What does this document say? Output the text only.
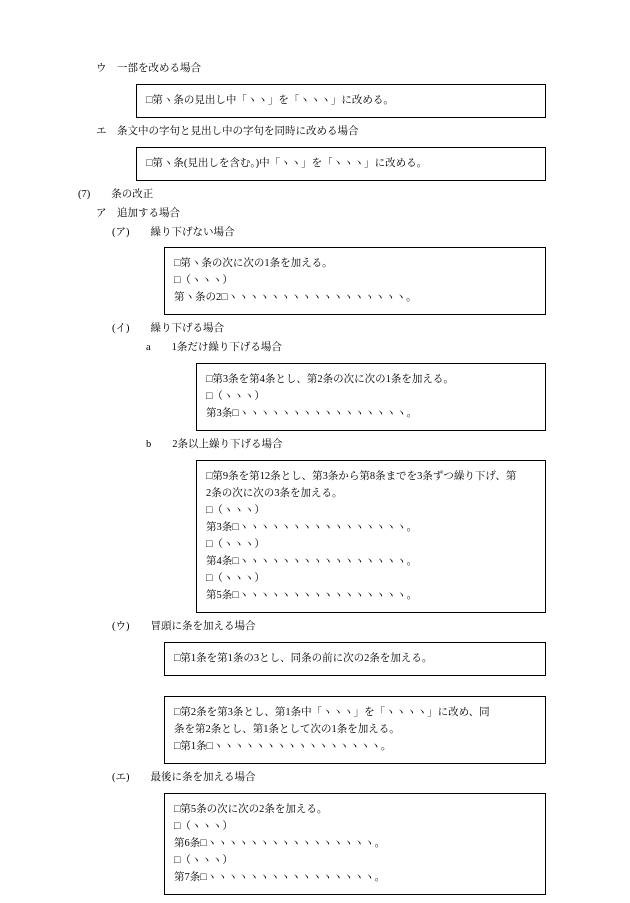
ウ　一部を改める場合
□第ヽ条の見出し中「ヽヽ」を「ヽヽヽ」に改める。
エ　条文中の字句と見出し中の字句を同時に改める場合
□第ヽ条(見出しを含む。)中「ヽヽ」を「ヽヽヽ」に改める。
(7)　　条の改正
ア　追加する場合
(ア)　　繰り下げない場合
□第ヽ条の次に次の1条を加える。
□（ヽヽヽ）
第ヽ条の2□ヽヽヽヽヽヽヽヽヽヽヽヽヽヽヽヽヽ。
(イ)　　繰り下げる場合
a　　1条だけ繰り下げる場合
□第3条を第4条とし、第2条の次に次の1条を加える。
□（ヽヽヽ）
第3条□ヽヽヽヽヽヽヽヽヽヽヽヽヽヽヽヽ。
b　　2条以上繰り下げる場合
□第9条を第12条とし、第3条から第8条までを3条ずつ繰り下げ、第
2条の次に次の3条を加える。
□（ヽヽヽ）
第3条□ヽヽヽヽヽヽヽヽヽヽヽヽヽヽヽヽ。
□（ヽヽヽ）
第4条□ヽヽヽヽヽヽヽヽヽヽヽヽヽヽヽヽ。
□（ヽヽヽ）
第5条□ヽヽヽヽヽヽヽヽヽヽヽヽヽヽヽヽ。
(ウ)　　冒頭に条を加える場合
□第1条を第1条の3とし、同条の前に次の2条を加える。
□第2条を第3条とし、第1条中「ヽヽヽ」を「ヽヽヽヽ」に改め、同
条を第2条とし、第1条として次の1条を加える。
□第1条□ヽヽヽヽヽヽヽヽヽヽヽヽヽヽヽヽ。
(エ)　　最後に条を加える場合
□第5条の次に次の2条を加える。
□（ヽヽヽ）
第6条□ヽヽヽヽヽヽヽヽヽヽヽヽヽヽヽヽ。
□（ヽヽヽ）
第7条□ヽヽヽヽヽヽヽヽヽヽヽヽヽヽヽヽ。
